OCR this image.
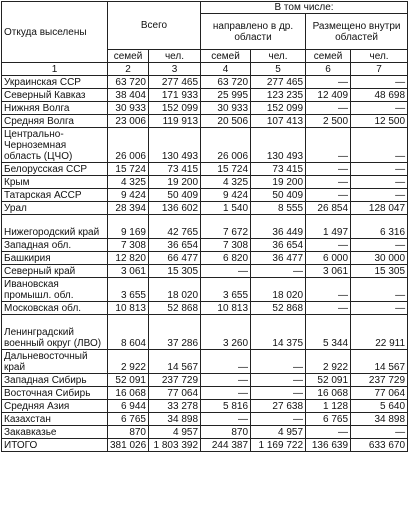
Откуда выселены	Всего		В том числе:			
			направлено в др. области		Размещено внутри областей	
	семей	чел.	семей	чел.	семей	чел.
1	2	3	4	5	6	7
Украинская ССР	63 720	277 465	63 720	277 465	—	—
Северный Кавказ	38 404	171 933	25 995	123 235	12 409	48 698
Нижняя Волга	30 933	152 099	30 933	152 099	—	—
Средняя Волга	23 006	119 913	20 506	107 413	2 500	12 500
Центрально-Черноземная область (ЦЧО)	26 006	130 493	26 006	130 493	—	—
Белорусская ССР	15 724	73 415	15 724	73 415	—	—
Крым	4 325	19 200	4 325	19 200	—	—
Татарская АССР	9 424	50 409	9 424	50 409	—	—
Урал	28 394	136 602	1 540	8 555	26 854	128 047
Нижегородский край	9 169	42 765	7 672	36 449	1 497	6 316
Западная обл.	7 308	36 654	7 308	36 654	—	—
Башкирия	12 820	66 477	6 820	36 477	6 000	30 000
Северный край	3 061	15 305	—	—	3 061	15 305
Ивановская промышл. обл.	3 655	18 020	3 655	18 020	—	—
Московская обл.	10 813	52 868	10 813	52 868	—	—
Ленинградский военный округ (ЛВО)	8 604	37 286	3 260	14 375	5 344	22 911
Дальневосточный край	2 922	14 567	—	—	2 922	14 567
Западная Сибирь	52 091	237 729	—	—	52 091	237 729
Восточная Сибирь	16 068	77 064	—	—	16 068	77 064
Средняя Азия	6 944	33 278	5 816	27 638	1 128	5 640
Казахстан	6 765	34 898	—	—	6 765	34 898
Закавказье	870	4 957	870	4 957	—	—
ИТОГО	381 026	1 803 392	244 387	1 169 722	136 639	633 670
